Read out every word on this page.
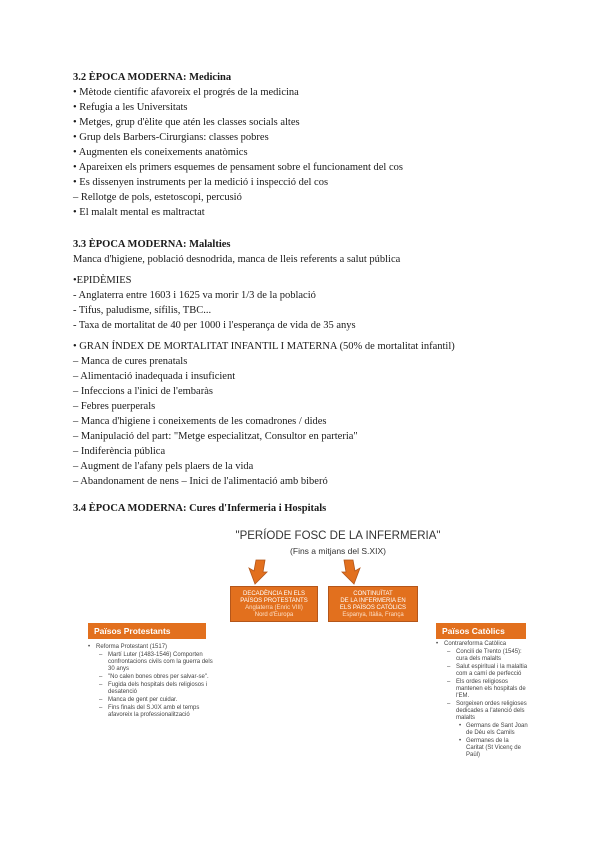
3.2 ÈPOCA MODERNA: Medicina
• Mètode científic afavoreix el progrés de la medicina
• Refugia a les Universitats
• Metges, grup d'èlite que atén les classes socials altes
• Grup dels Barbers-Cirurgians: classes pobres
• Augmenten els coneixements anatòmics
• Apareixen els primers esquemes de pensament sobre el funcionament del cos
• Es dissenyen instruments per la medició i inspecció del cos
– Rellotge de pols, estetoscopi, percusió
• El malalt mental es maltractat
3.3 ÈPOCA MODERNA: Malalties
Manca d'higiene, població desnodrida, manca de lleis referents a salut pública
•EPIDÈMIES
- Anglaterra entre 1603 i 1625 va morir 1/3 de la població
- Tifus, paludisme, sífilis, TBC...
- Taxa de mortalitat de 40 per 1000 i l'esperança de vida de 35 anys
• GRAN ÍNDEX DE MORTALITAT INFANTIL I MATERNA (50% de mortalitat infantil)
– Manca de cures prenatals
– Alimentació inadequada i insuficient
– Infeccions a l'inici de l'embaràs
– Febres puerperals
– Manca d'higiene i coneixements de les comadrones / dides
– Manipulació del part: "Metge especialitzat, Consultor en parteria"
– Indiferència pública
– Augment de l'afany pels plaers de la vida
– Abandonament de nens – Inici de l'alimentació amb biberó
3.4 ÈPOCA MODERNA: Cures d'Infermeria i Hospitals
"PERÍODE FOSC DE LA INFERMERIA"
(Fins a mitjans del S.XIX)
DECADÈNCIA EN ELS
PAÏSOS PROTESTANTS
Anglaterra (Enric VIII)
Nord d'Europa
CONTINUÏTAT
DE LA INFERMERIA EN
ELS PAÏSOS CATÒLICS
Espanya, Itàlia, França
Països Protestants	Països Catòlics
• Reforma Protestant (1517)
– Martí Luter (1483-1546) Comporten confrontacions civils com la guerra dels 30 anys
– "No calen bones obres per salvar-se".
– Fugida dels hospitals dels religiosos i desatenció
– Manca de gent per cuidar.
– Fins finals del S.XIX amb el temps afavoreix la professionalització
• Contrareforma Catòlica
– Concili de Trento (1545): cura dels malalts
– Salut espiritual i la malaltia com a camí de perfecció
– Els ordes religiosos mantenen els hospitals de l'EM.
– Sorgeixen ordes religioses dedicades a l'atenció dels malalts
• Germans de Sant Joan de Déu els Camils
• Germanes de la Caritat (St Vicenç de Paül)
